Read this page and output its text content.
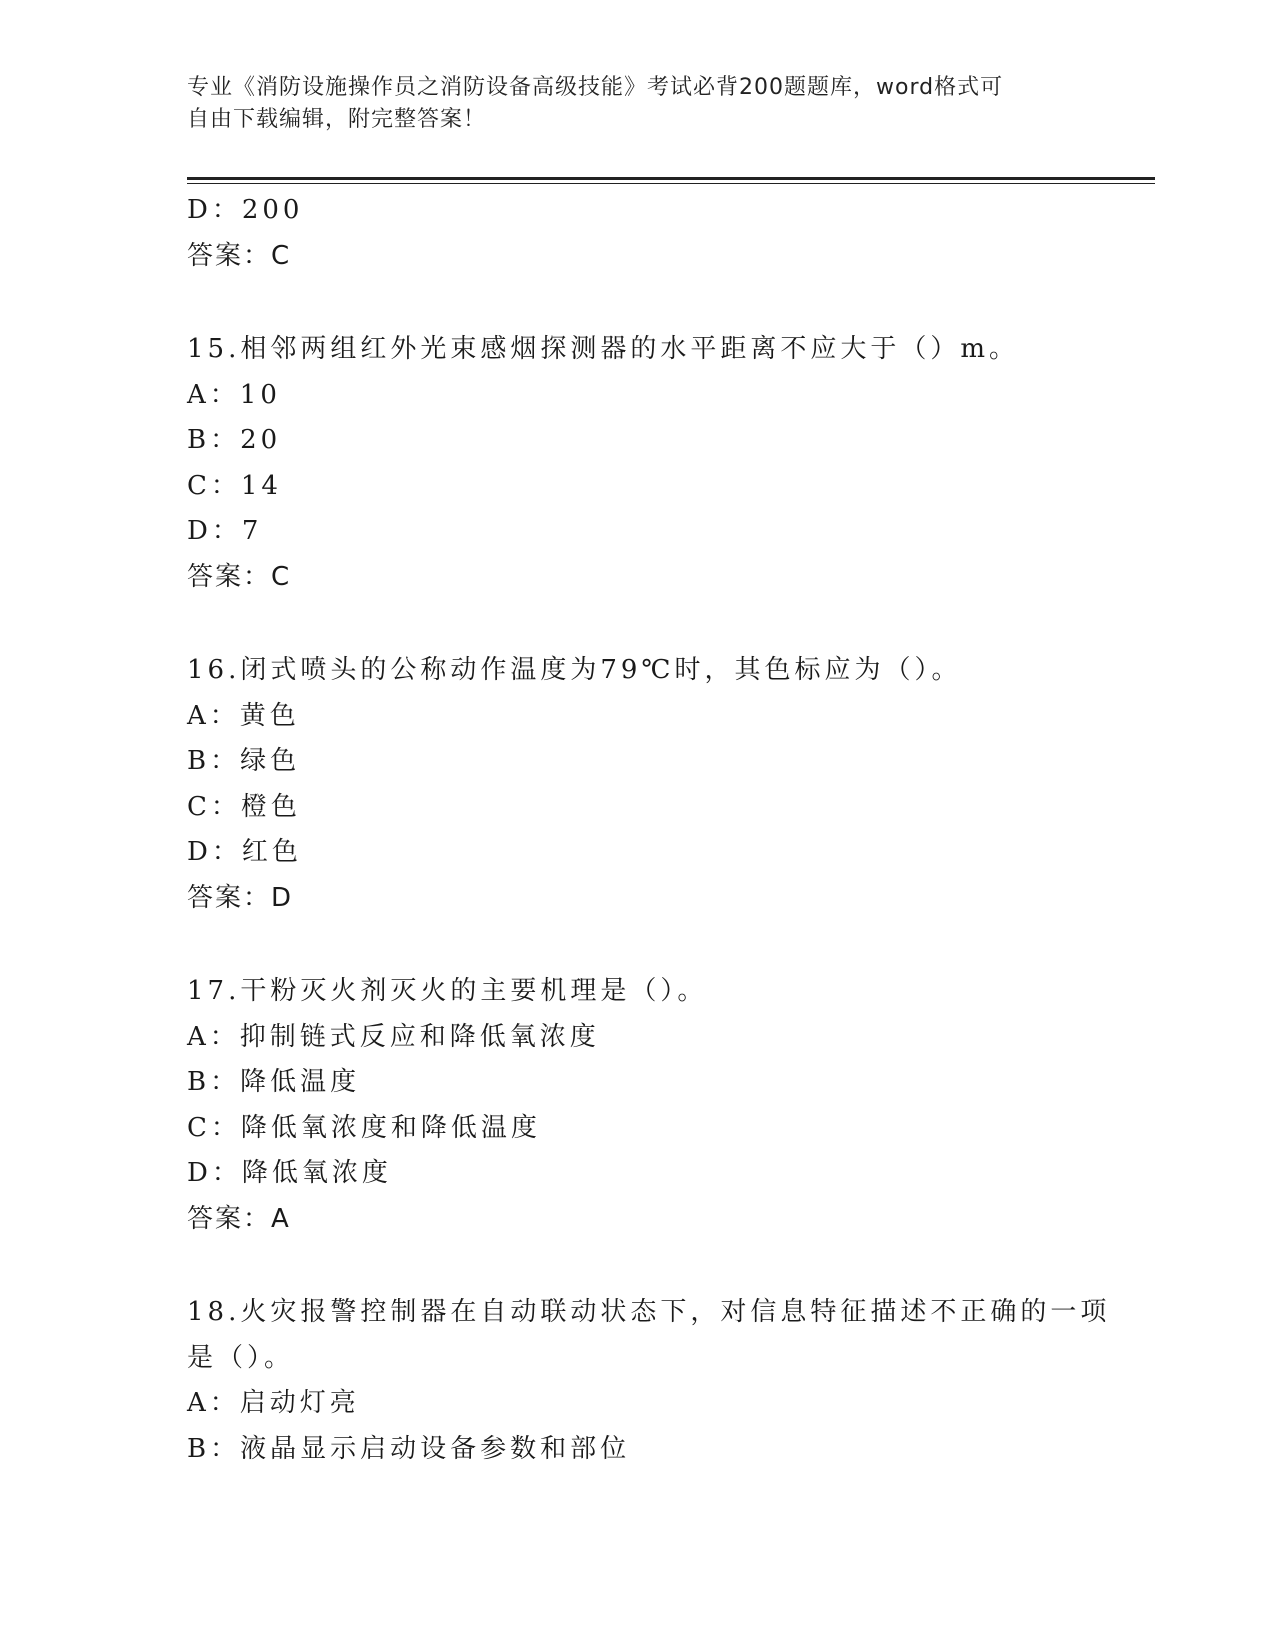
专业《消防设施操作员之消防设备高级技能》考试必背200题题库，word格式可
自由下载编辑，附完整答案！
D：200
答案：C
15.相邻两组红外光束感烟探测器的水平距离不应大于（）m。
A：10
B：20
C：14
D：7
答案：C
16.闭式喷头的公称动作温度为79℃时，其色标应为（）。
A：黄色
B：绿色
C：橙色
D：红色
答案：D
17.干粉灭火剂灭火的主要机理是（）。
A：抑制链式反应和降低氧浓度
B：降低温度
C：降低氧浓度和降低温度
D：降低氧浓度
答案：A
18.火灾报警控制器在自动联动状态下，对信息特征描述不正确的一项
是（）。
A：启动灯亮
B：液晶显示启动设备参数和部位
